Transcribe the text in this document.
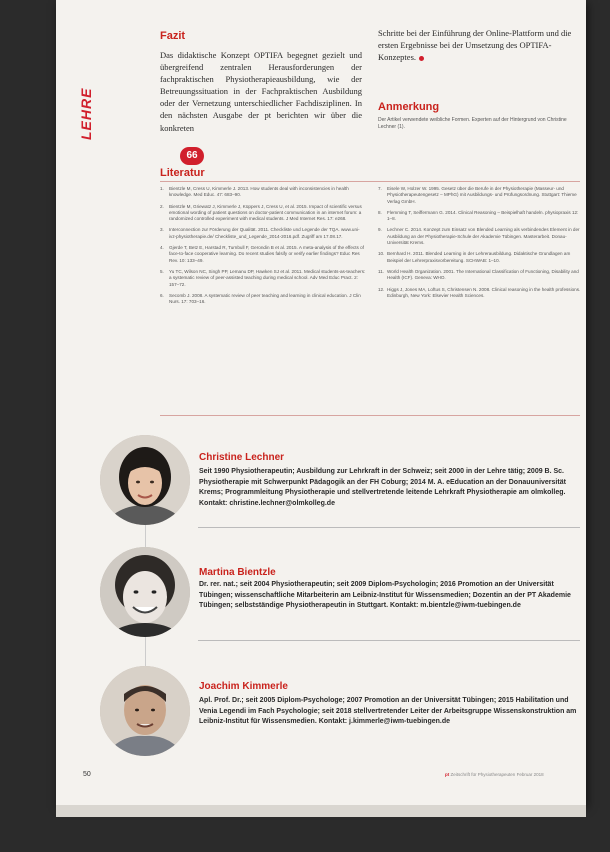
LEHRE
Fazit

Das didaktische Konzept OPTIFA begegnet gezielt und übergreifend zentralen Herausforderungen der fachpraktischen Physiotherapieausbildung, wie der Betreuungssituation in der Fachpraktischen Ausbildung oder der Vernetzung unterschiedlicher Fachdisziplinen. In den nächsten Ausgabe der pt berichten wir über die konkreten

Schritte bei der Einführung der Online-Plattform und die ersten Ergebnisse bei der Umsetzung des OPTIFA-Konzeptes.

Anmerkung

Der Artikel verwendete weibliche Formen. Experten auf der Hintergrund von Christine Lechner (1).

66
Literatur
1.	Bientzle M, Cress U, Kimmerle J. 2013. How students deal with inconsistencies in health knowledge. Med Educ. 47: 683–90.
2.	Bientzle M, Griewatz J, Kimmerle J, Küppers J, Cress U, et al. 2015. Impact of scientific versus emotional wording of patient questions on doctor-patient communication in an internet forum: a randomized controlled experiment with medical students. J Med Internet Res. 17: e268.
3.	Interconnection zur Förderung der Qualität. 2011. Checkliste und Legende der TQA. www.uni-ivz-physiotherapie.de/ Checkliste_und_Legende_2014-2016.pdf. Zugriff am 17.08.17.
4.	Gjerde T, Betz E, Harstad R, Turnbull F, Gerondin B et al. 2015. A meta-analysis of the effects of face-to-face cooperative learning. Do recent studies falsify or verify earlier findings? Educ Res Rev. 10: 133–49.
5.	Yu TC, Wilson NC, Singh PP, Lemanu DP, Hawken SJ et al. 2011. Medical students-as-teachers: a systematic review of peer-assisted teaching during medical school. Adv Med Educ Pract. 2: 157–72.
6.	Secomb J. 2008. A systematic review of peer teaching and learning in clinical education. J Clin Nurs. 17: 703–16.
7.	Eisele W, Holzer W. 1995. Gesetz über die Berufe in der Physiotherapie (Masseur- und Physiotherapeutengesetz – MPhG) mit Ausbildungs- und Prüfungsordnung. Stuttgart: Thieme Verlag GmbH.
8.	Flemming T, Seiffermann G. 2014. Clinical Reasoning – Beispielhaft handeln. physiopraxis 12: 1–8.
9.	Lechner C. 2014. Konzept zum Einsatz von Blended Learning als verbindendes Element in der Ausbildung an der Physiotherapie-Schule der Akademie Tübingen. Masterarbeit. Donau-Universität Krems.
10. Bernhard H. 2011. Blended Learning in der Lehrerausbildung. Didaktische Grundlagen am Beispiel der Lehrerpraxisvorbereitung. SCHWAB: 1–10.
11. World Health Organization. 2001. The International Classification of Functioning, Disability and Health (ICF). Geneva: WHO.
12. Higgs J, Jones MA, Loftus S, Christensen N. 2008. Clinical reasoning in the health professions. Edinburgh, New York: Elsevier Health Sciences.
Christine Lechner

Seit 1990 Physiotherapeutin; Ausbildung zur Lehrkraft in der Schweiz; seit 2000 in der Lehre tätig; 2009 B. Sc. Physiotherapie mit Schwerpunkt Pädagogik an der FH Coburg; 2014 M. A. eEducation an der Donauuniversität Krems; Programmleitung Physiotherapie und stellvertretende leitende Lehrkraft Physiotherapie am olmkolleg. Kontakt: christine.lechner@olmkolleg.de

Martina Bientzle

Dr. rer. nat.; seit 2004 Physiotherapeutin; seit 2009 Diplom-Psychologin; 2016 Promotion an der Universität Tübingen; wissenschaftliche Mitarbeiterin am Leibniz-Institut für Wissensmedien; Dozentin an der PT Akademie Tübingen; selbstständige Physiotherapeutin in Stuttgart. Kontakt: m.bientzle@iwm-tuebingen.de

Joachim Kimmerle

Apl. Prof. Dr.; seit 2005 Diplom-Psychologe; 2007 Promotion an der Universität Tübingen; 2015 Habilitation und Venia Legendi im Fach Psychologie; seit 2018 stellvertretender Leiter der Arbeitsgruppe Wissenskonstruktion am Leibniz-Institut für Wissensmedien. Kontakt: j.kimmerle@iwm-tuebingen.de

50	pt Zeitschrift für Physiotherapeuten Februar 2018
